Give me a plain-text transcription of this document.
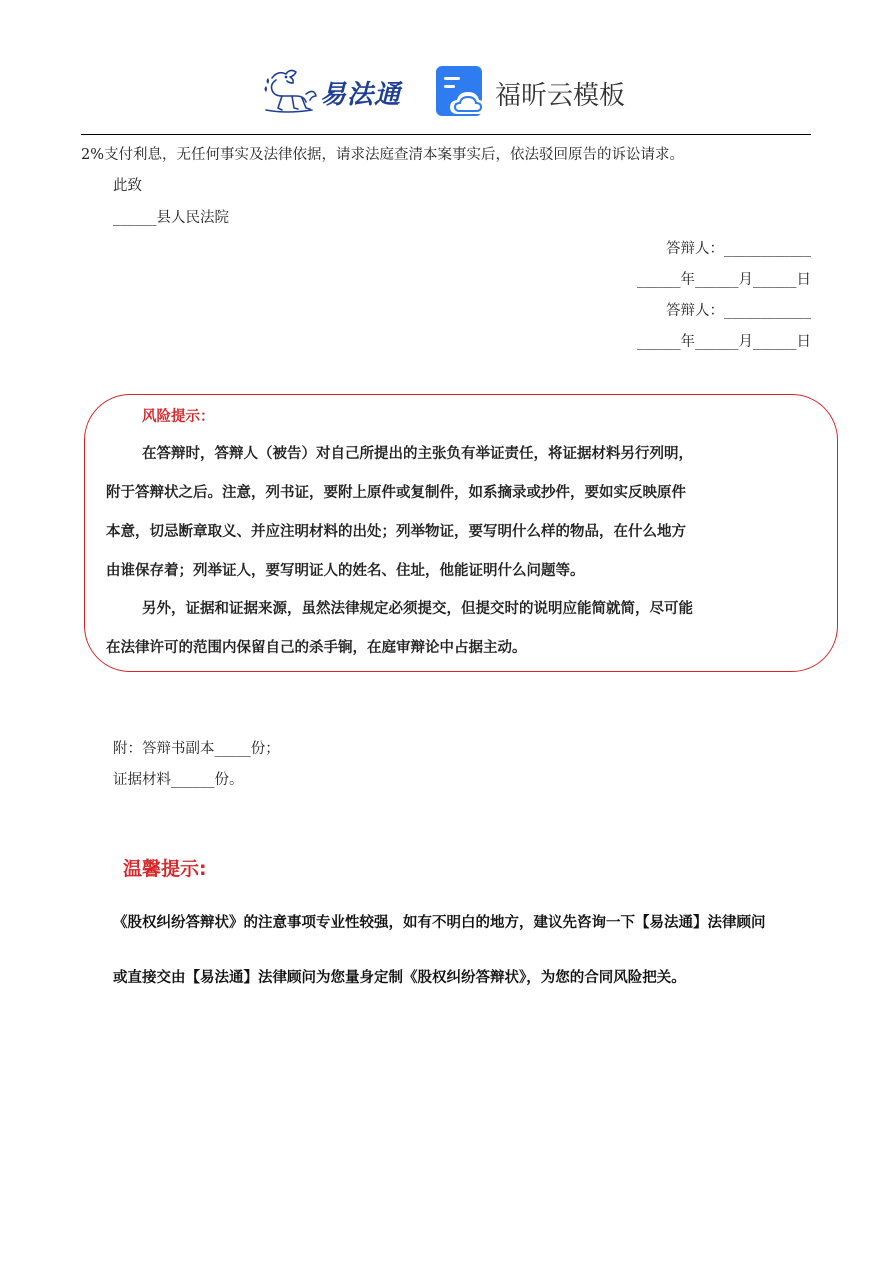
易法通	福昕云模板
2%支付利息，无任何事实及法律依据，请求法庭查清本案事实后，依法驳回原告的诉讼请求。
此致
______县人民法院
答辩人：____________
______年______月______日
答辩人：____________
______年______月______日
风险提示：
在答辩时，答辩人（被告）对自己所提出的主张负有举证责任，将证据材料另行列明，
附于答辩状之后。注意，列书证，要附上原件或复制件，如系摘录或抄件，要如实反映原件
本意，切忌断章取义、并应注明材料的出处；列举物证，要写明什么样的物品，在什么地方
由谁保存着；列举证人，要写明证人的姓名、住址，他能证明什么问题等。
另外，证据和证据来源，虽然法律规定必须提交，但提交时的说明应能简就简，尽可能
在法律许可的范围内保留自己的杀手锏，在庭审辩论中占据主动。
附：答辩书副本_____份；
证据材料______份。
温馨提示:
《股权纠纷答辩状》的注意事项专业性较强，如有不明白的地方，建议先咨询一下【易法通】法律顾问
或直接交由【易法通】法律顾问为您量身定制《股权纠纷答辩状》，为您的合同风险把关。
